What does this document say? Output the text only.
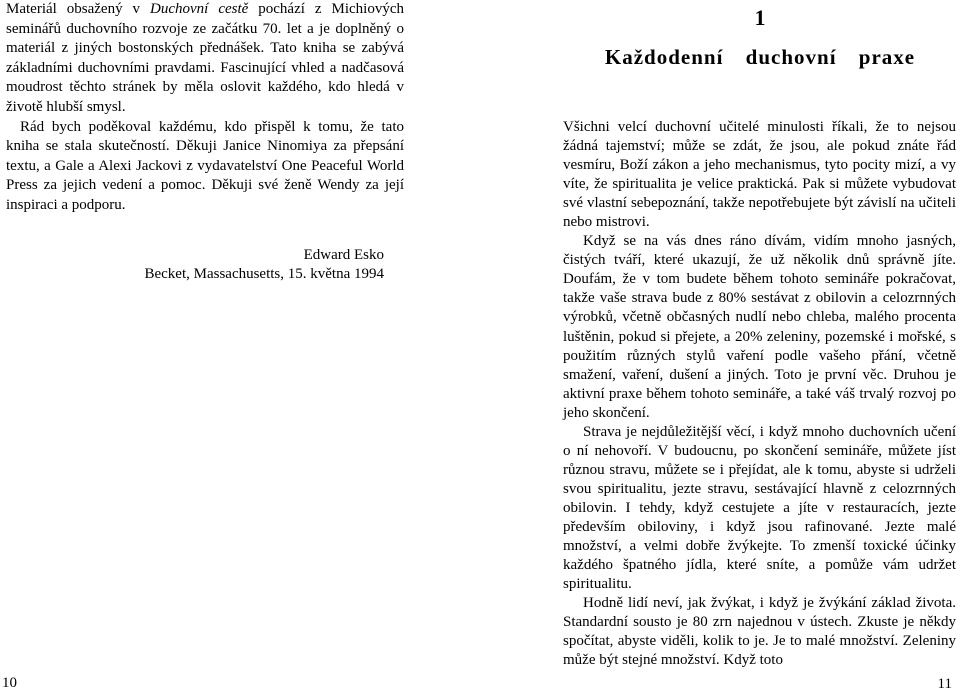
Materiál obsažený v Duchovní cestě pochází z Michiových seminářů duchovního rozvoje ze začátku 70. let a je doplněný o materiál z jiných bostonských přednášek. Tato kniha se zabývá základními duchovními pravdami. Fascinující vhled a nadčasová moudrost těchto stránek by měla oslovit každého, kdo hledá v životě hlubší smysl.

Rád bych poděkoval každému, kdo přispěl k tomu, že tato kniha se stala skutečností. Děkuji Janice Ninomiya za přepsání textu, a Gale a Alexi Jackovi z vydavatelství One Peaceful World Press za jejich vedení a pomoc. Děkuji své ženě Wendy za její inspiraci a podporu.

Edward Esko
Becket, Massachusetts, 15. května 1994
10
1
Každodenní duchovní praxe

Všichni velcí duchovní učitelé minulosti říkali, že to nejsou žádná tajemství; může se zdát, že jsou, ale pokud znáte řád vesmíru, Boží zákon a jeho mechanismus, tyto pocity mizí, a vy víte, že spiritualita je velice praktická. Pak si můžete vybudovat své vlastní sebepoznání, takže nepotřebujete být závislí na učiteli nebo mistrovi.

Když se na vás dnes ráno dívám, vidím mnoho jasných, čistých tváří, které ukazují, že už několik dnů správně jíte. Doufám, že v tom budete během tohoto semináře pokračovat, takže vaše strava bude z 80% sestávat z obilovin a celozrnných výrobků, včetně občasných nudlí nebo chleba, malého procenta luštěnin, pokud si přejete, a 20% zeleniny, pozemské i mořské, s použitím různých stylů vaření podle vašeho přání, včetně smažení, vaření, dušení a jiných. Toto je první věc. Druhou je aktivní praxe během tohoto semináře, a také váš trvalý rozvoj po jeho skončení.

Strava je nejdůležitější věcí, i když mnoho duchovních učení o ní nehovoří. V budoucnu, po skončení semináře, můžete jíst různou stravu, můžete se i přejídat, ale k tomu, abyste si udrželi svou spiritualitu, jezte stravu, sestávající hlavně z celozrnných obilovin. I tehdy, když cestujete a jíte v restauracích, jezte především obiloviny, i když jsou rafinované. Jezte malé množství, a velmi dobře žvýkejte. To zmenší toxické účinky každého špatného jídla, které sníte, a pomůže vám udržet spiritualitu.

Hodně lidí neví, jak žvýkat, i když je žvýkání základ života. Standardní sousto je 80 zrn najednou v ústech. Zkuste je někdy spočítat, abyste viděli, kolik to je. Je to malé množství. Zeleniny může být stejné množství. Když toto

11
